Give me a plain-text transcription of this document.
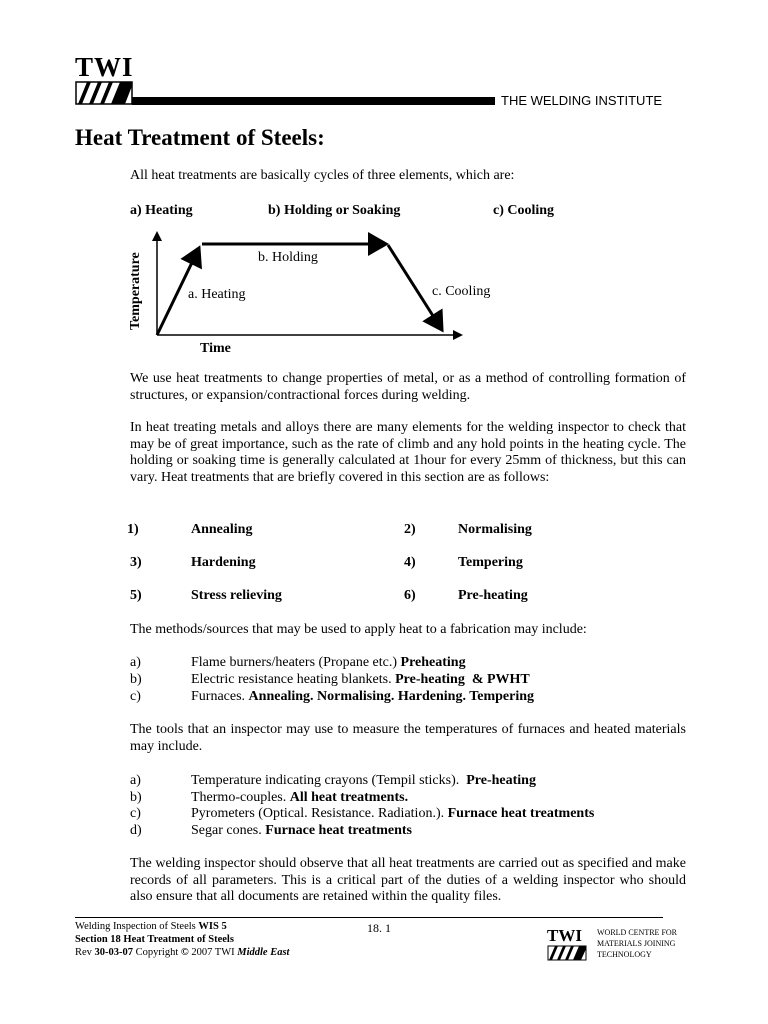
TWI
THE WELDING INSTITUTE
Heat Treatment of Steels:
All heat treatments are basically cycles of three elements, which are:
a) Heating	b) Holding or Soaking	c) Cooling
Temperature
Time
a. Heating
b. Holding
c. Cooling
We use heat treatments to change properties of metal, or as a method of controlling formation of structures, or expansion/contractional forces during welding.
In heat treating metals and alloys there are many elements for the welding inspector to check that may be of great importance, such as the rate of climb and any hold points in the heating cycle. The holding or soaking time is generally calculated at 1hour for every 25mm of thickness, but this can vary. Heat treatments that are briefly covered in this section are as follows:
1)	Annealing	2)	Normalising
3)	Hardening	4)	Tempering
5)	Stress relieving	6)	Pre-heating
The methods/sources that may be used to apply heat to a fabrication may include:
a)	Flame burners/heaters (Propane etc.) Preheating
b)	Electric resistance heating blankets. Pre-heating  & PWHT
c)	Furnaces. Annealing. Normalising. Hardening. Tempering
The tools that an inspector may use to measure the temperatures of furnaces and heated materials may include.
a)	Temperature indicating crayons (Tempil sticks).  Pre-heating
b)	Thermo-couples. All heat treatments.
c)	Pyrometers (Optical. Resistance. Radiation.). Furnace heat treatments
d)	Segar cones. Furnace heat treatments
The welding inspector should observe that all heat treatments are carried out as specified and make records of all parameters. This is a critical part of the duties of a welding inspector who should also ensure that all documents are retained within the quality files.
Welding Inspection of Steels WIS 5
Section 18 Heat Treatment of Steels
Rev 30-03-07 Copyright © 2007 TWI Middle East
18. 1	TWI WORLD CENTRE FOR
MATERIALS JOINING
TECHNOLOGY
